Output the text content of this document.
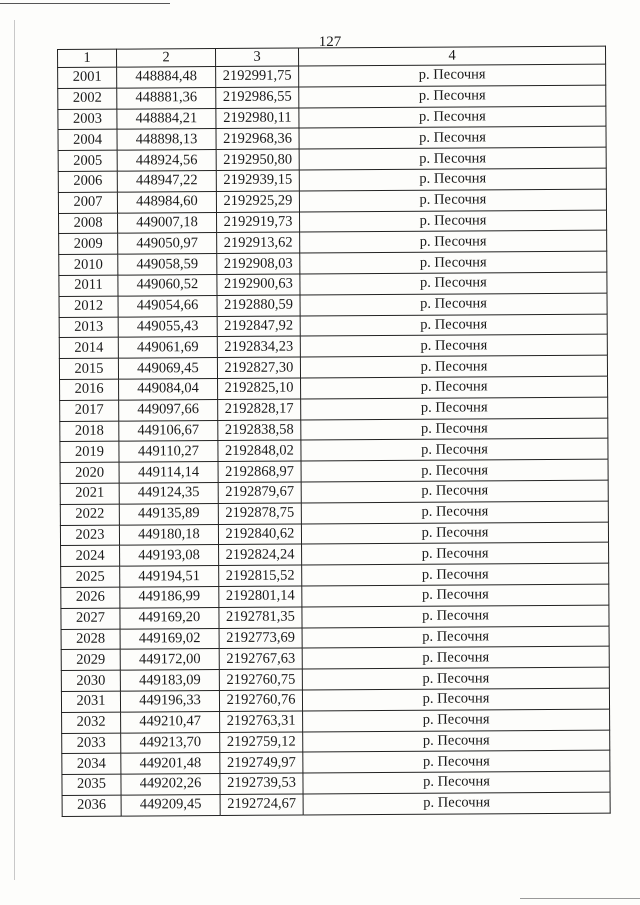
127
1	2	3	4
2001	448884,48	2192991,75	р. Песочня
2002	448881,36	2192986,55	р. Песочня
2003	448884,21	2192980,11	р. Песочня
2004	448898,13	2192968,36	р. Песочня
2005	448924,56	2192950,80	р. Песочня
2006	448947,22	2192939,15	р. Песочня
2007	448984,60	2192925,29	р. Песочня
2008	449007,18	2192919,73	р. Песочня
2009	449050,97	2192913,62	р. Песочня
2010	449058,59	2192908,03	р. Песочня
2011	449060,52	2192900,63	р. Песочня
2012	449054,66	2192880,59	р. Песочня
2013	449055,43	2192847,92	р. Песочня
2014	449061,69	2192834,23	р. Песочня
2015	449069,45	2192827,30	р. Песочня
2016	449084,04	2192825,10	р. Песочня
2017	449097,66	2192828,17	р. Песочня
2018	449106,67	2192838,58	р. Песочня
2019	449110,27	2192848,02	р. Песочня
2020	449114,14	2192868,97	р. Песочня
2021	449124,35	2192879,67	р. Песочня
2022	449135,89	2192878,75	р. Песочня
2023	449180,18	2192840,62	р. Песочня
2024	449193,08	2192824,24	р. Песочня
2025	449194,51	2192815,52	р. Песочня
2026	449186,99	2192801,14	р. Песочня
2027	449169,20	2192781,35	р. Песочня
2028	449169,02	2192773,69	р. Песочня
2029	449172,00	2192767,63	р. Песочня
2030	449183,09	2192760,75	р. Песочня
2031	449196,33	2192760,76	р. Песочня
2032	449210,47	2192763,31	р. Песочня
2033	449213,70	2192759,12	р. Песочня
2034	449201,48	2192749,97	р. Песочня
2035	449202,26	2192739,53	р. Песочня
2036	449209,45	2192724,67	р. Песочня
